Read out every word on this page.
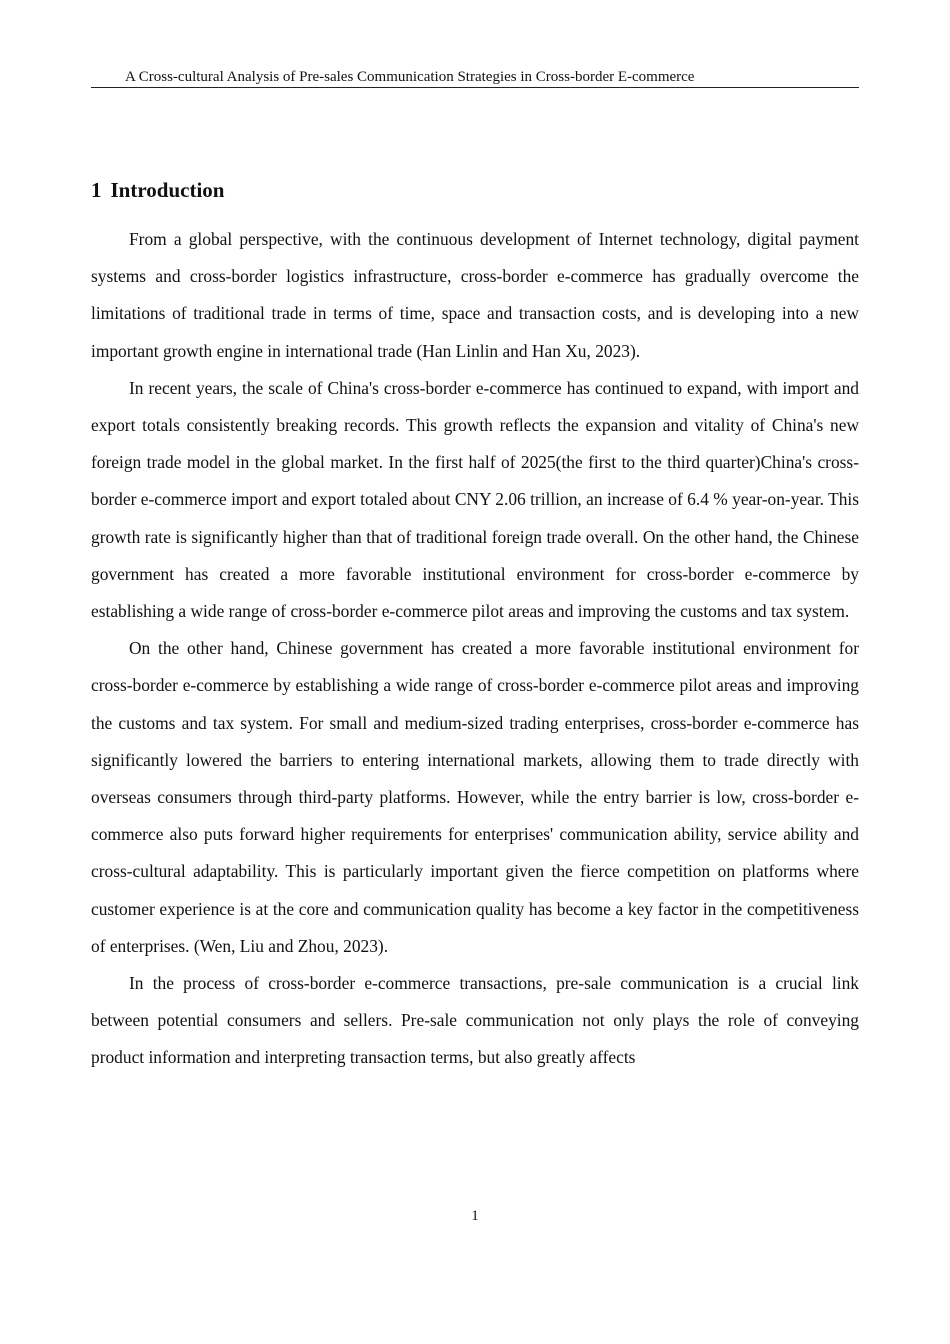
A Cross-cultural Analysis of Pre-sales Communication Strategies in Cross-border E-commerce
1 Introduction

From a global perspective, with the continuous development of Internet technology, digital payment systems and cross-border logistics infrastructure, cross-border e-commerce has gradually overcome the limitations of traditional trade in terms of time, space and transaction costs, and is developing into a new important growth engine in international trade (Han Linlin and Han Xu, 2023).

In recent years, the scale of China's cross-border e-commerce has continued to expand, with import and export totals consistently breaking records. This growth reflects the expansion and vitality of China's new foreign trade model in the global market. In the first half of 2025(the first to the third quarter)China's cross-border e-commerce import and export totaled about CNY 2.06 trillion, an increase of 6.4 % year-on-year. This growth rate is significantly higher than that of traditional foreign trade overall. On the other hand, the Chinese government has created a more favorable institutional environment for cross-border e-commerce by establishing a wide range of cross-border e-commerce pilot areas and improving the customs and tax system.

On the other hand, Chinese government has created a more favorable institutional environment for cross-border e-commerce by establishing a wide range of cross-border e-commerce pilot areas and improving the customs and tax system. For small and medium-sized trading enterprises, cross-border e-commerce has significantly lowered the barriers to entering international markets, allowing them to trade directly with overseas consumers through third-party platforms. However, while the entry barrier is low, cross-border e-commerce also puts forward higher requirements for enterprises' communication ability, service ability and cross-cultural adaptability. This is particularly important given the fierce competition on platforms where customer experience is at the core and communication quality has become a key factor in the competitiveness of enterprises. (Wen, Liu and Zhou, 2023).

In the process of cross-border e-commerce transactions, pre-sale communication is a crucial link between potential consumers and sellers. Pre-sale communication not only plays the role of conveying product information and interpreting transaction terms, but also greatly affects

1
